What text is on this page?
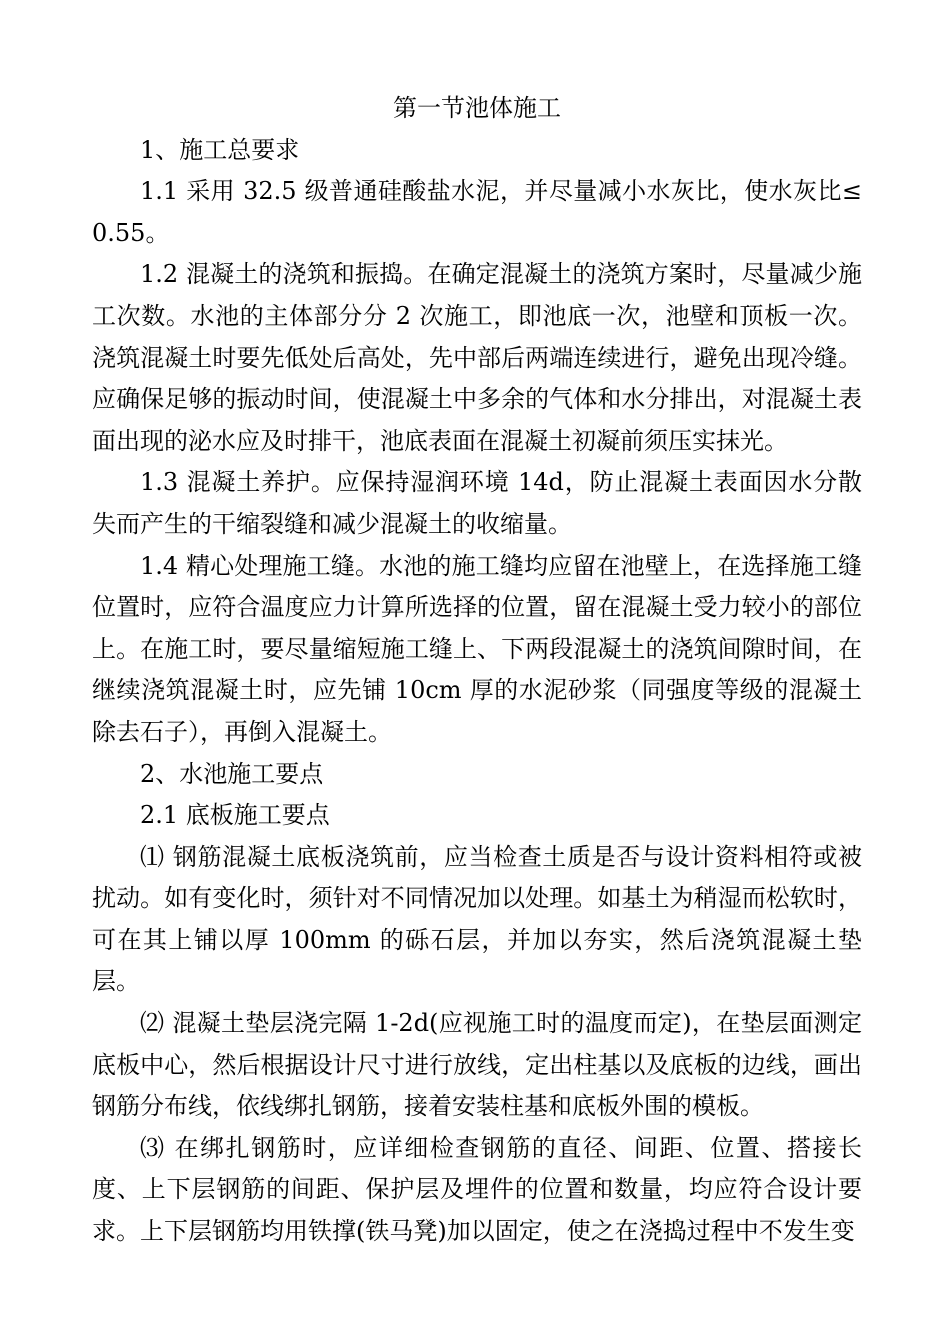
第一节池体施工

1、施工总要求

1.1 采用 32.5 级普通硅酸盐水泥，并尽量减小水灰比，使水灰比≤0.55。

1.2 混凝土的浇筑和振捣。在确定混凝土的浇筑方案时，尽量减少施工次数。水池的主体部分分 2 次施工，即池底一次，池壁和顶板一次。浇筑混凝土时要先低处后高处，先中部后两端连续进行，避免出现冷缝。应确保足够的振动时间，使混凝土中多余的气体和水分排出，对混凝土表面出现的泌水应及时排干，池底表面在混凝土初凝前须压实抹光。

1.3 混凝土养护。应保持湿润环境 14d，防止混凝土表面因水分散失而产生的干缩裂缝和减少混凝土的收缩量。

1.4 精心处理施工缝。水池的施工缝均应留在池壁上，在选择施工缝位置时，应符合温度应力计算所选择的位置，留在混凝土受力较小的部位上。在施工时，要尽量缩短施工缝上、下两段混凝土的浇筑间隙时间，在继续浇筑混凝土时，应先铺 10cm 厚的水泥砂浆（同强度等级的混凝土除去石子），再倒入混凝土。

2、水池施工要点

2.1 底板施工要点

⑴ 钢筋混凝土底板浇筑前，应当检查土质是否与设计资料相符或被扰动。如有变化时，须针对不同情况加以处理。如基土为稍湿而松软时，可在其上铺以厚 100mm 的砾石层，并加以夯实，然后浇筑混凝土垫层。

⑵ 混凝土垫层浇完隔 1-2d(应视施工时的温度而定)，在垫层面测定底板中心，然后根据设计尺寸进行放线，定出柱基以及底板的边线，画出钢筋分布线，依线绑扎钢筋，接着安装柱基和底板外围的模板。

⑶ 在绑扎钢筋时，应详细检查钢筋的直径、间距、位置、搭接长度、上下层钢筋的间距、保护层及埋件的位置和数量，均应符合设计要求。上下层钢筋均用铁撑(铁马凳)加以固定，使之在浇捣过程中不发生变
